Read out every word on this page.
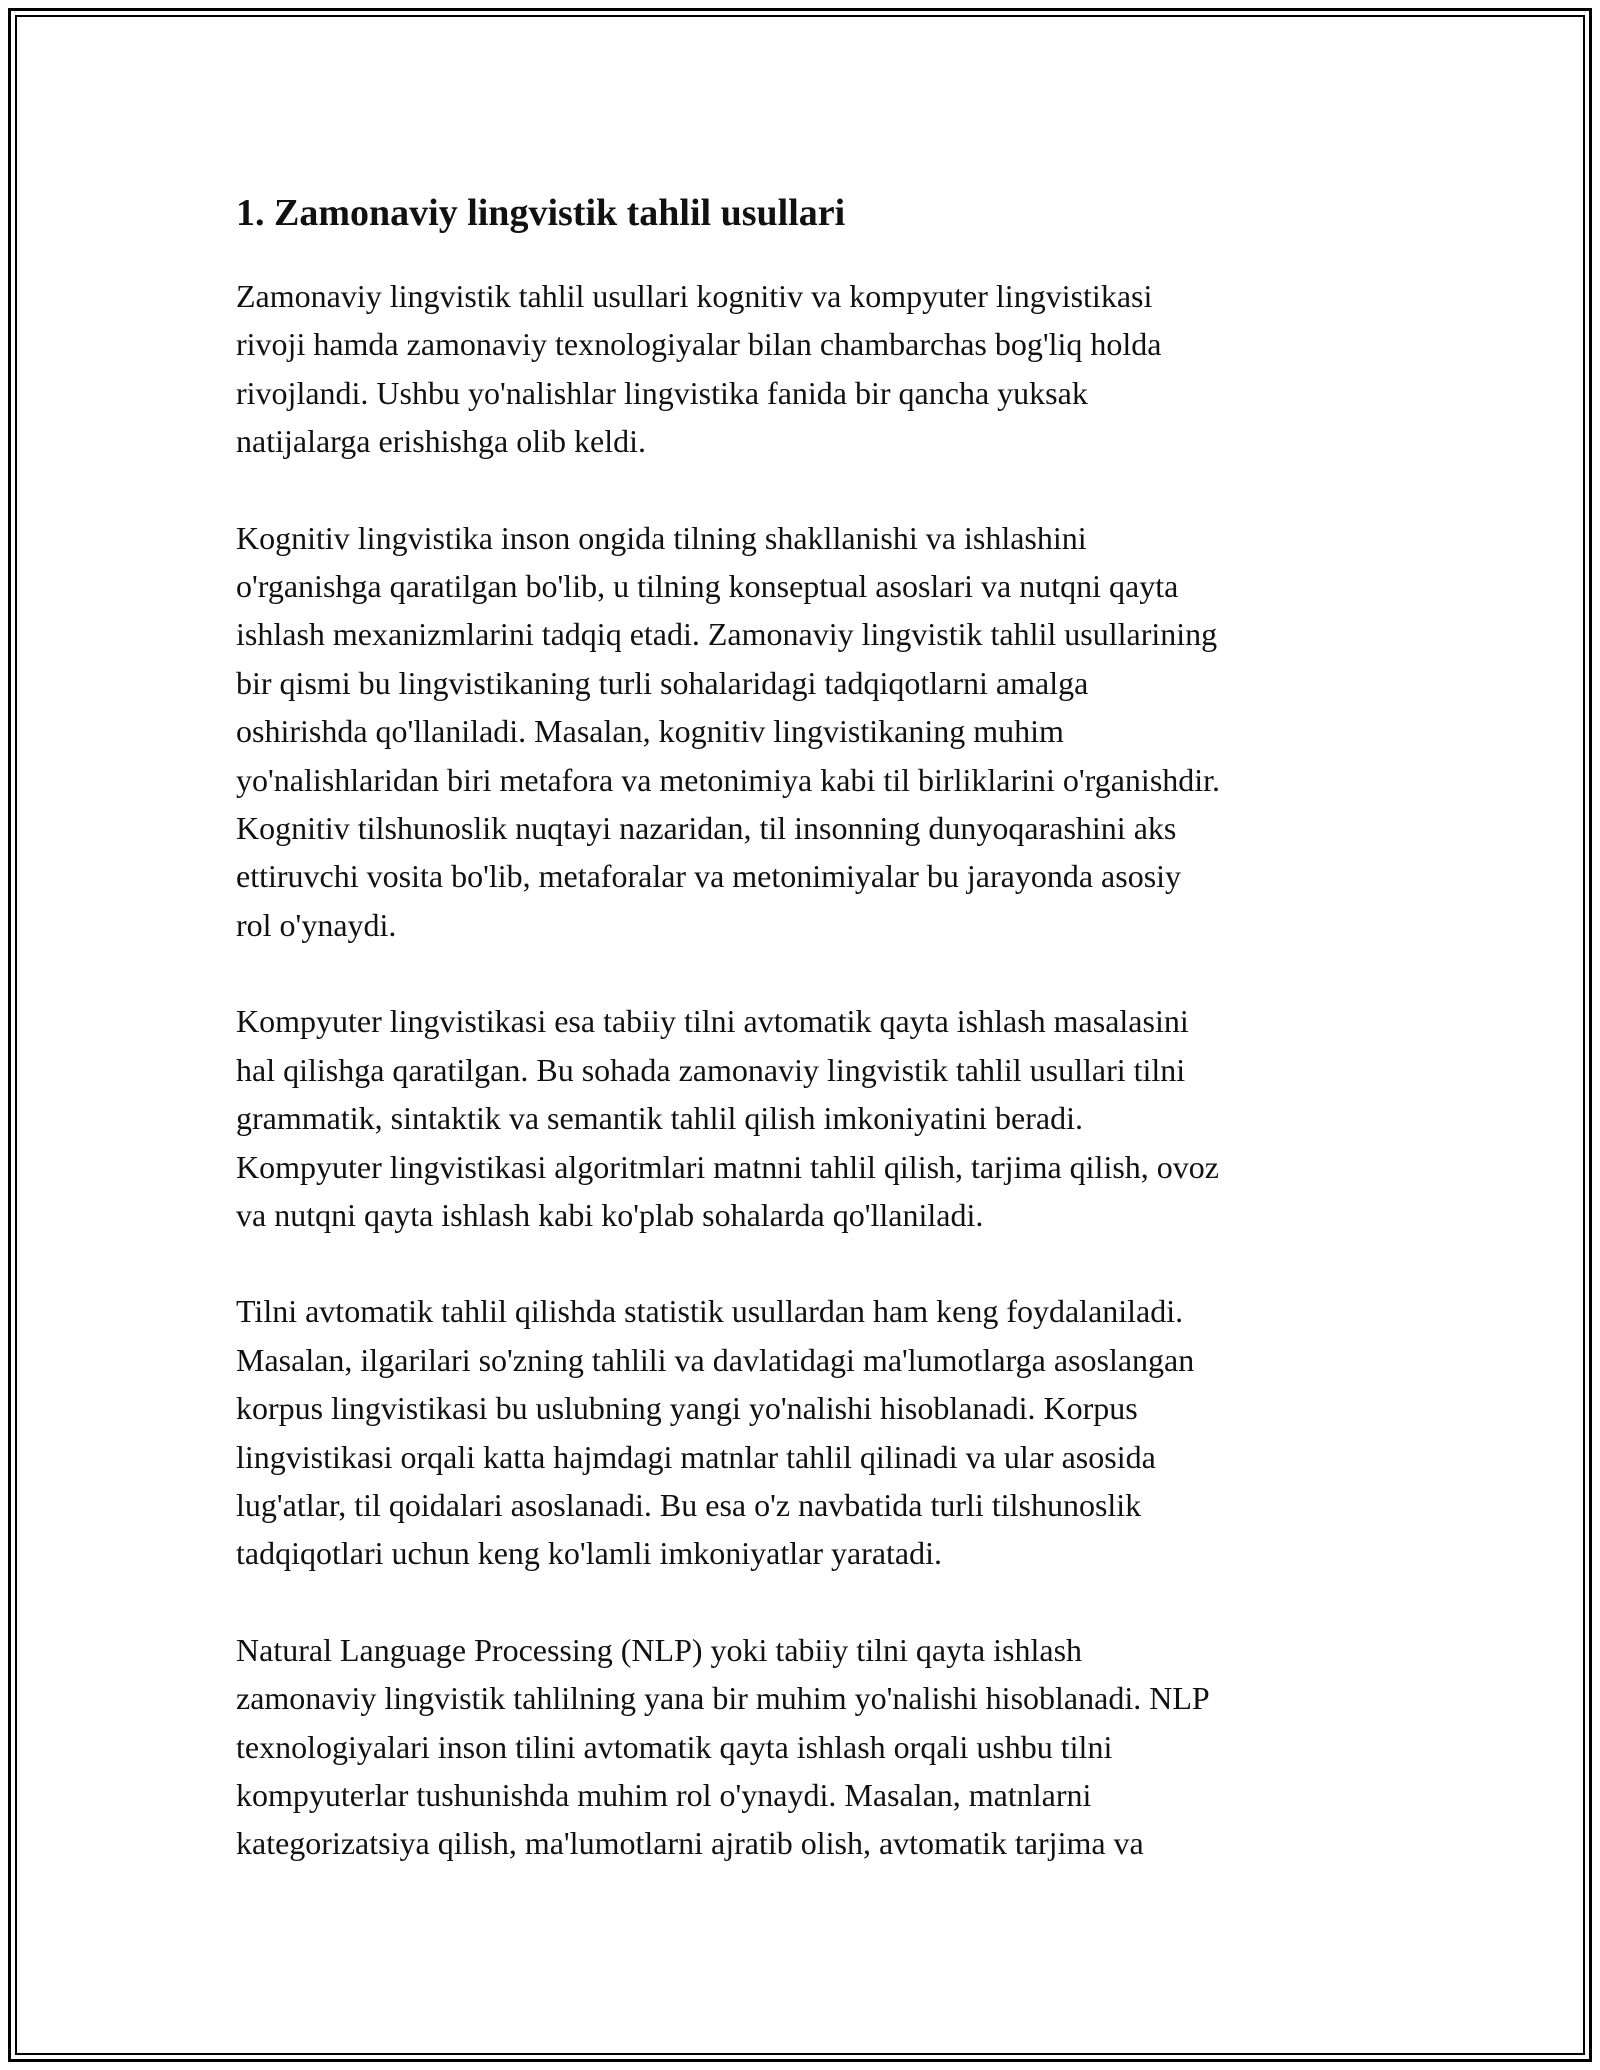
1. Zamonaviy lingvistik tahlil usullari

Zamonaviy lingvistik tahlil usullari kognitiv va kompyuter lingvistikasi
rivoji hamda zamonaviy texnologiyalar bilan chambarchas bog'liq holda
rivojlandi. Ushbu yo'nalishlar lingvistika fanida bir qancha yuksak
natijalarga erishishga olib keldi.

Kognitiv lingvistika inson ongida tilning shakllanishi va ishlashini
o'rganishga qaratilgan bo'lib, u tilning konseptual asoslari va nutqni qayta
ishlash mexanizmlarini tadqiq etadi. Zamonaviy lingvistik tahlil usullarining
bir qismi bu lingvistikaning turli sohalaridagi tadqiqotlarni amalga
oshirishda qo'llaniladi. Masalan, kognitiv lingvistikaning muhim
yo'nalishlaridan biri metafora va metonimiya kabi til birliklarini o'rganishdir.
Kognitiv tilshunoslik nuqtayi nazaridan, til insonning dunyoqarashini aks
ettiruvchi vosita bo'lib, metaforalar va metonimiyalar bu jarayonda asosiy
rol o'ynaydi.

Kompyuter lingvistikasi esa tabiiy tilni avtomatik qayta ishlash masalasini
hal qilishga qaratilgan. Bu sohada zamonaviy lingvistik tahlil usullari tilni
grammatik, sintaktik va semantik tahlil qilish imkoniyatini beradi.
Kompyuter lingvistikasi algoritmlari matnni tahlil qilish, tarjima qilish, ovoz
va nutqni qayta ishlash kabi ko'plab sohalarda qo'llaniladi.

Tilni avtomatik tahlil qilishda statistik usullardan ham keng foydalaniladi.
Masalan, ilgarilari so'zning tahlili va davlatidagi ma'lumotlarga asoslangan
korpus lingvistikasi bu uslubning yangi yo'nalishi hisoblanadi. Korpus
lingvistikasi orqali katta hajmdagi matnlar tahlil qilinadi va ular asosida
lug'atlar, til qoidalari asoslanadi. Bu esa o'z navbatida turli tilshunoslik
tadqiqotlari uchun keng ko'lamli imkoniyatlar yaratadi.

Natural Language Processing (NLP) yoki tabiiy tilni qayta ishlash
zamonaviy lingvistik tahlilning yana bir muhim yo'nalishi hisoblanadi. NLP
texnologiyalari inson tilini avtomatik qayta ishlash orqali ushbu tilni
kompyuterlar tushunishda muhim rol o'ynaydi. Masalan, matnlarni
kategorizatsiya qilish, ma'lumotlarni ajratib olish, avtomatik tarjima va
